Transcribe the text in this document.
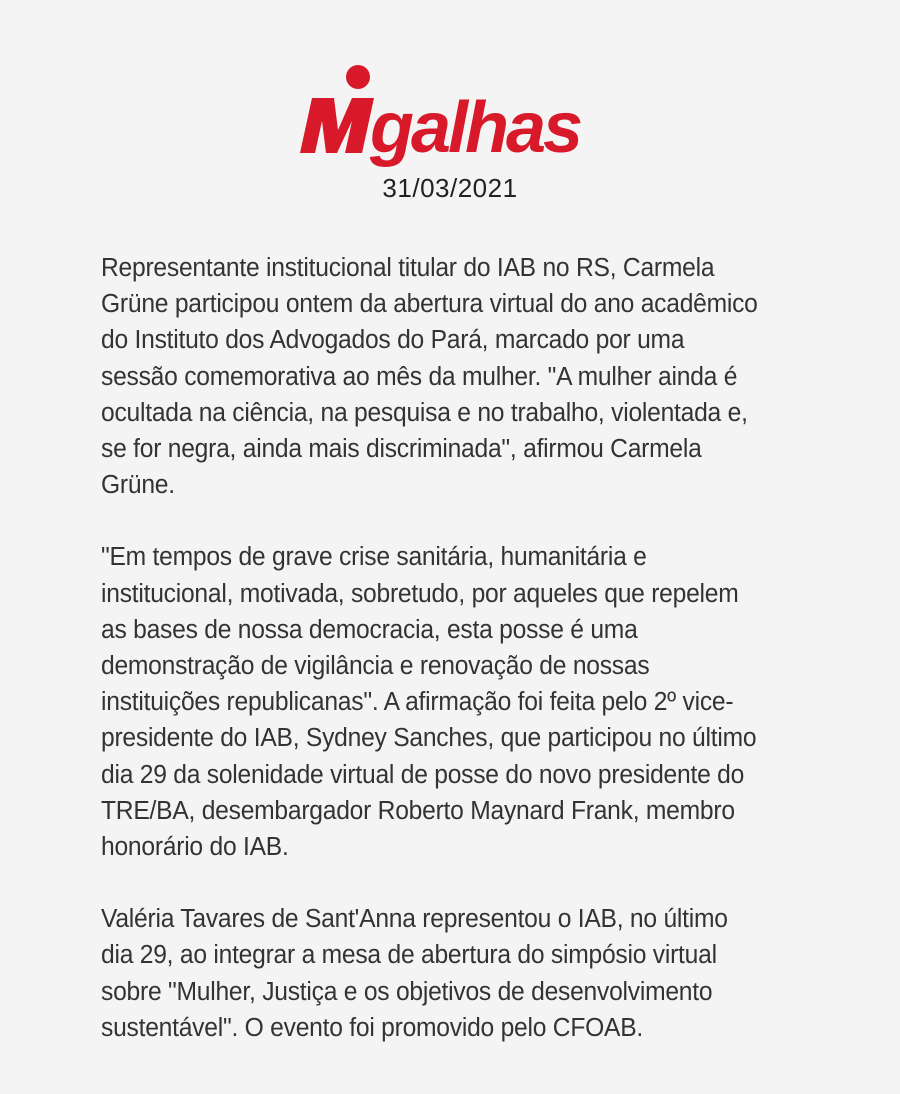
galhas
31/03/2021

Representante institucional titular do IAB no RS, Carmela Grüne participou ontem da abertura virtual do ano acadêmico do Instituto dos Advogados do Pará, marcado por uma sessão comemorativa ao mês da mulher. "A mulher ainda é ocultada na ciência, na pesquisa e no trabalho, violentada e, se for negra, ainda mais discriminada", afirmou Carmela Grüne.

"Em tempos de grave crise sanitária, humanitária e institucional, motivada, sobretudo, por aqueles que repelem as bases de nossa democracia, esta posse é uma demonstração de vigilância e renovação de nossas instituições republicanas". A afirmação foi feita pelo 2º vice-presidente do IAB, Sydney Sanches, que participou no último dia 29 da solenidade virtual de posse do novo presidente do TRE/BA, desembargador Roberto Maynard Frank, membro honorário do IAB.

Valéria Tavares de Sant'Anna representou o IAB, no último dia 29, ao integrar a mesa de abertura do simpósio virtual sobre "Mulher, Justiça e os objetivos de desenvolvimento sustentável". O evento foi promovido pelo CFOAB.
